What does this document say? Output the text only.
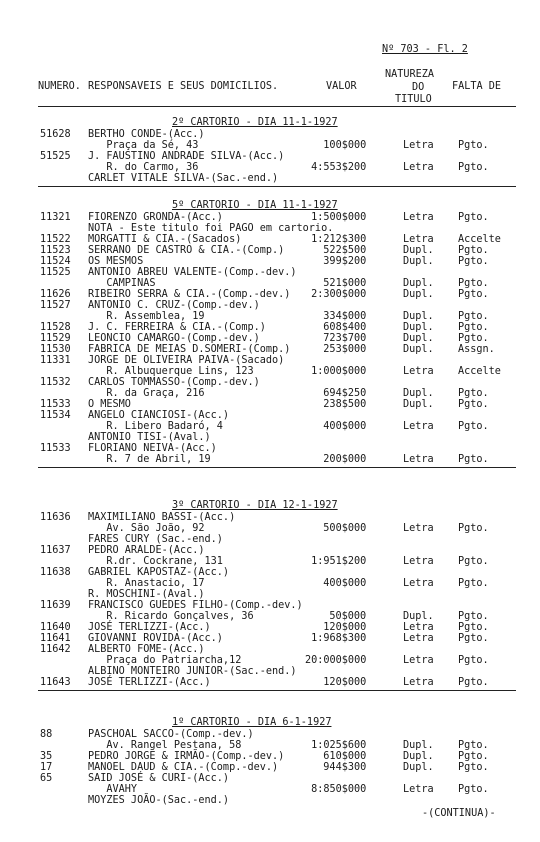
Nº 703 - Fl. 2
NATUREZA
NUMERO. RESPONSAVEIS E SEUS DOMICILIOS.	VALOR	DO	FALTA DE
TITULO
2º CARTORIO - DIA 11-1-1927
51628 BERTHO CONDE-(Acc.)
Praça da Sé, 43	100$000	Letra Pgto.
51525 J. FAUSTINO ANDRADE SILVA-(Acc.)
R. do Carmo, 36	4:553$200	Letra Pgto.
CARLET VITALE SILVA-(Sac.-end.)
5º CARTORIO - DIA 11-1-1927
11321 FIORENZO GRONDA-(Acc.)	1:500$000	Letra Pgto.
NOTA - Este titulo foi PAGO em cartorio.
11522 MORGATTI & CIA.-(Sacados)	1:212$300	Letra Accelte
11523 SERRANO DE CASTRO & CIA.-(Comp.)	522$500	Dupl. Pgto.
11524 OS MESMOS	399$200	Dupl. Pgto.
11525 ANTONIO ABREU VALENTE-(Comp.-dev.)
CAMPINAS	521$000	Dupl. Pgto.
11626 RIBEIRO SERRA & CIA.-(Comp.-dev.) 2:300$000	Dupl. Pgto.
11527 ANTONIO C. CRUZ-(Comp.-dev.)
R. Assemblea, 19	334$000	Dupl. Pgto.
11528 J. C. FERREIRA & CIA.-(Comp.)	608$400	Dupl. Pgto.
11529 LEONCIO CAMARGO-(Comp.-dev.)	723$700	Dupl. Pgto.
11530 FABRICA DE MEIAS D.SOMERI-(Comp.)	253$000	Dupl. Assgn.
11331 JORGE DE OLIVEIRA PAIVA-(Sacado)
R. Albuquerque Lins, 123	1:000$000	Letra Accelte
11532 CARLOS TOMMASSO-(Comp.-dev.)
R. da Graça, 216	694$250	Dupl. Pgto.
11533 O MESMO	238$500	Dupl. Pgto.
11534 ANGELO CIANCIOSI-(Acc.)
R. Libero Badaró, 4	400$000	Letra Pgto.
ANTONIO TISI-(Aval.)
11533 FLORIANO NEIVA-(Acc.)
R. 7 de Abril, 19	200$000	Letra Pgto.
3º CARTORIO - DIA 12-1-1927
11636 MAXIMILIANO BASSI-(Acc.)
Av. São João, 92	500$000	Letra Pgto.
FARES CURY (Sac.-end.)
11637 PEDRO ARALDE-(Acc.)
R.dr. Cockrane, 131	1:951$200	Letra Pgto.
11638 GABRIEL KAPOSTAZ-(Acc.)
R. Anastacio, 17	400$000	Letra Pgto.
R. MOSCHINI-(Aval.)
11639 FRANCISCO GUEDES FILHO-(Comp.-dev.)
R. Ricardo Gonçalves, 36	50$000	Dupl. Pgto.
11640 JOSÉ TERLIZZI-(Acc.)	120$000	Letra Pgto.
11641 GIOVANNI ROVIDA-(Acc.)	1:968$300	Letra Pgto.
11642 ALBERTO FOME-(Acc.)
Praça do Patriarcha,12	20:000$000	Letra Pgto.
ALBINO MONTEIRO JUNIOR-(Sac.-end.)
11643 JOSÉ TERLIZZI-(Acc.)	120$000	Letra Pgto.
1º CARTORIO - DIA 6-1-1927
88	PASCHOAL SACCO-(Comp.-dev.)
Av. Rangel Pestana, 58	1:025$600	Dupl. Pgto.
35	PEDRO JORGE & IRMÃO-(Comp.-dev.)	610$000	Dupl. Pgto.
17	MANOEL DAUD & CIA.-(Comp.-dev.)	944$300	Dupl. Pgto.
65	SAID JOSÉ & CURI-(Acc.)
AVAHY	8:850$000	Letra Pgto.
MOYZES JOÃO-(Sac.-end.)
-(CONTINUA)-
